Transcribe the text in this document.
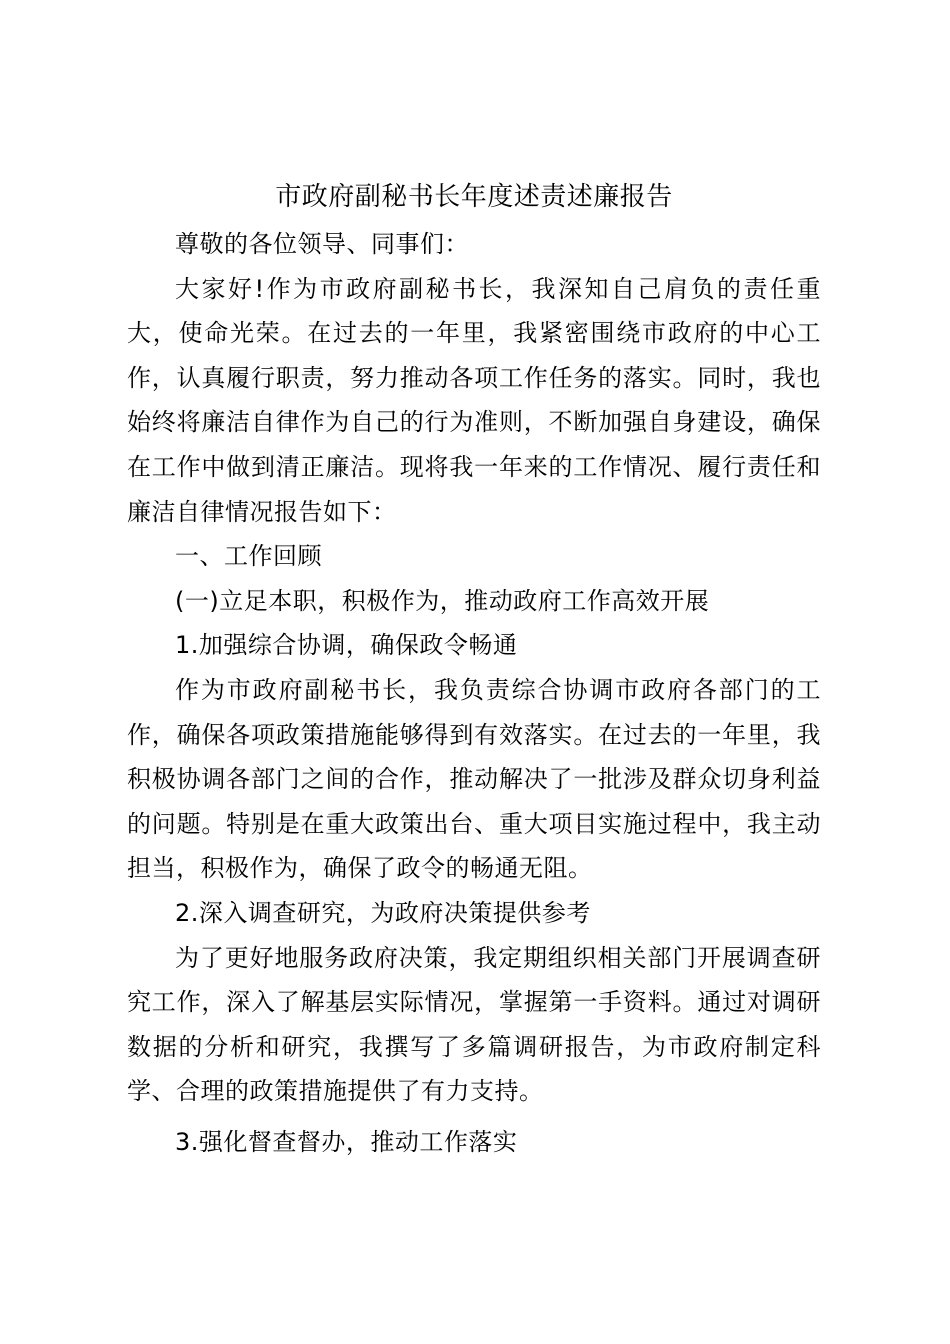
市政府副秘书长年度述责述廉报告

尊敬的各位领导、同事们：

大家好!作为市政府副秘书长，我深知自己肩负的责任重大，使命光荣。在过去的一年里，我紧密围绕市政府的中心工作，认真履行职责，努力推动各项工作任务的落实。同时，我也始终将廉洁自律作为自己的行为准则，不断加强自身建设，确保在工作中做到清正廉洁。现将我一年来的工作情况、履行责任和廉洁自律情况报告如下：

一、工作回顾

(一)立足本职，积极作为，推动政府工作高效开展

1.加强综合协调，确保政令畅通

作为市政府副秘书长，我负责综合协调市政府各部门的工作，确保各项政策措施能够得到有效落实。在过去的一年里，我积极协调各部门之间的合作，推动解决了一批涉及群众切身利益的问题。特别是在重大政策出台、重大项目实施过程中，我主动担当，积极作为，确保了政令的畅通无阻。

2.深入调查研究，为政府决策提供参考

为了更好地服务政府决策，我定期组织相关部门开展调查研究工作，深入了解基层实际情况，掌握第一手资料。通过对调研数据的分析和研究，我撰写了多篇调研报告，为市政府制定科学、合理的政策措施提供了有力支持。

3.强化督查督办，推动工作落实
